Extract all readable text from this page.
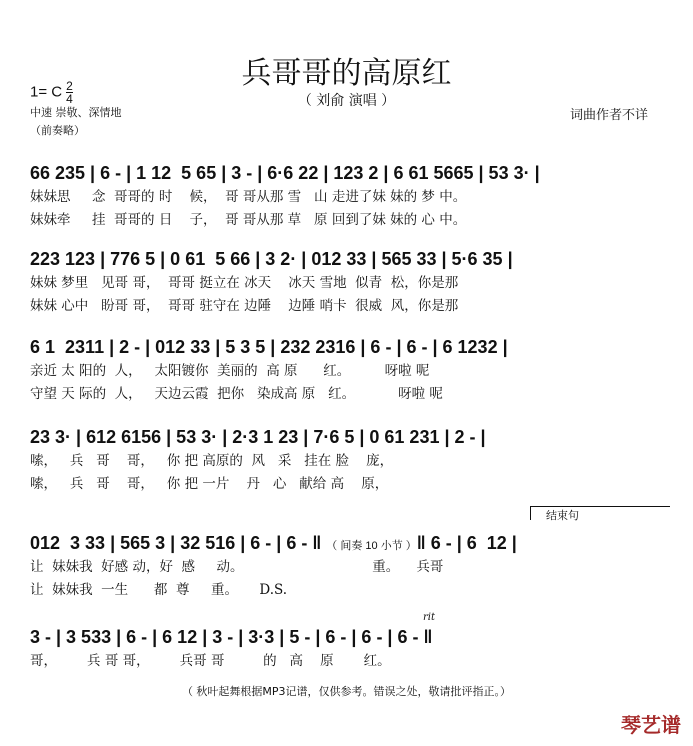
兵哥哥的高原红
（ 刘俞 演唱 ）
1= C $\frac{2}{4}$
中速 崇敬、深情地
（前奏略）
词曲作者不详
66 235 | 6 - | 1 12  5 65 | 3 - | 6·6 22 | 123 2 | 6 61 5665 | 53 3· |
妹妹思     念  哥哥的 时    候，  哥 哥从那 雪   山 走进了妹 妹的 梦 中。
妹妹牵     挂  哥哥的 日    子，  哥 哥从那 草   原 回到了妹 妹的 心 中。
223 123 | 776 5 | 0 61  5 66 | 3 2· | 012 33 | 565 33 | 5·6 35 |
妹妹 梦里   见哥 哥，  哥哥 挺立在 冰天    冰天 雪地  似青  松，你是那
妹妹 心中   盼哥 哥，  哥哥 驻守在 边陲    边陲 哨卡  很威  风，你是那
6 1  2311 | 2 - | 012 33 | 5 3 5 | 232 2316 | 6 - | 6 - | 6 1232 |
亲近 太 阳的  人，   太阳镀你  美丽的  高 原      红。        呀啦 呢
守望 天 际的  人，   天边云霞  把你   染成高 原   红。          呀啦 呢
23 3· | 612 6156 | 53 3· | 2·3 1 23 | 7·6 5 | 0 61 231 | 2 - |
嗦，   兵   哥    哥，   你 把 高原的  风   采   挂在 脸    庞，
嗦，   兵   哥    哥，   你 把 一片    丹   心   献给 高    原，
结束句
012  3 33 | 565 3 | 32 516 | 6 - | 6 - ‖ （ 间奏 10 小节 ）‖ 6 - | 6  12 |
让  妹妹我  好感 动，好  感     动。                              重。    兵哥
让  妹妹我  一生      都  尊     重。     D.S.
rit
3 - | 3 533 | 6 - | 6 12 | 3 - | 3·3 | 5 - | 6 - | 6 - | 6 - ‖
哥，       兵 哥 哥，       兵哥 哥         的   高    原       红。
（ 秋叶起舞根据MP3记谱，仅供参考。错误之处，敬请批评指正。）
琴艺谱
